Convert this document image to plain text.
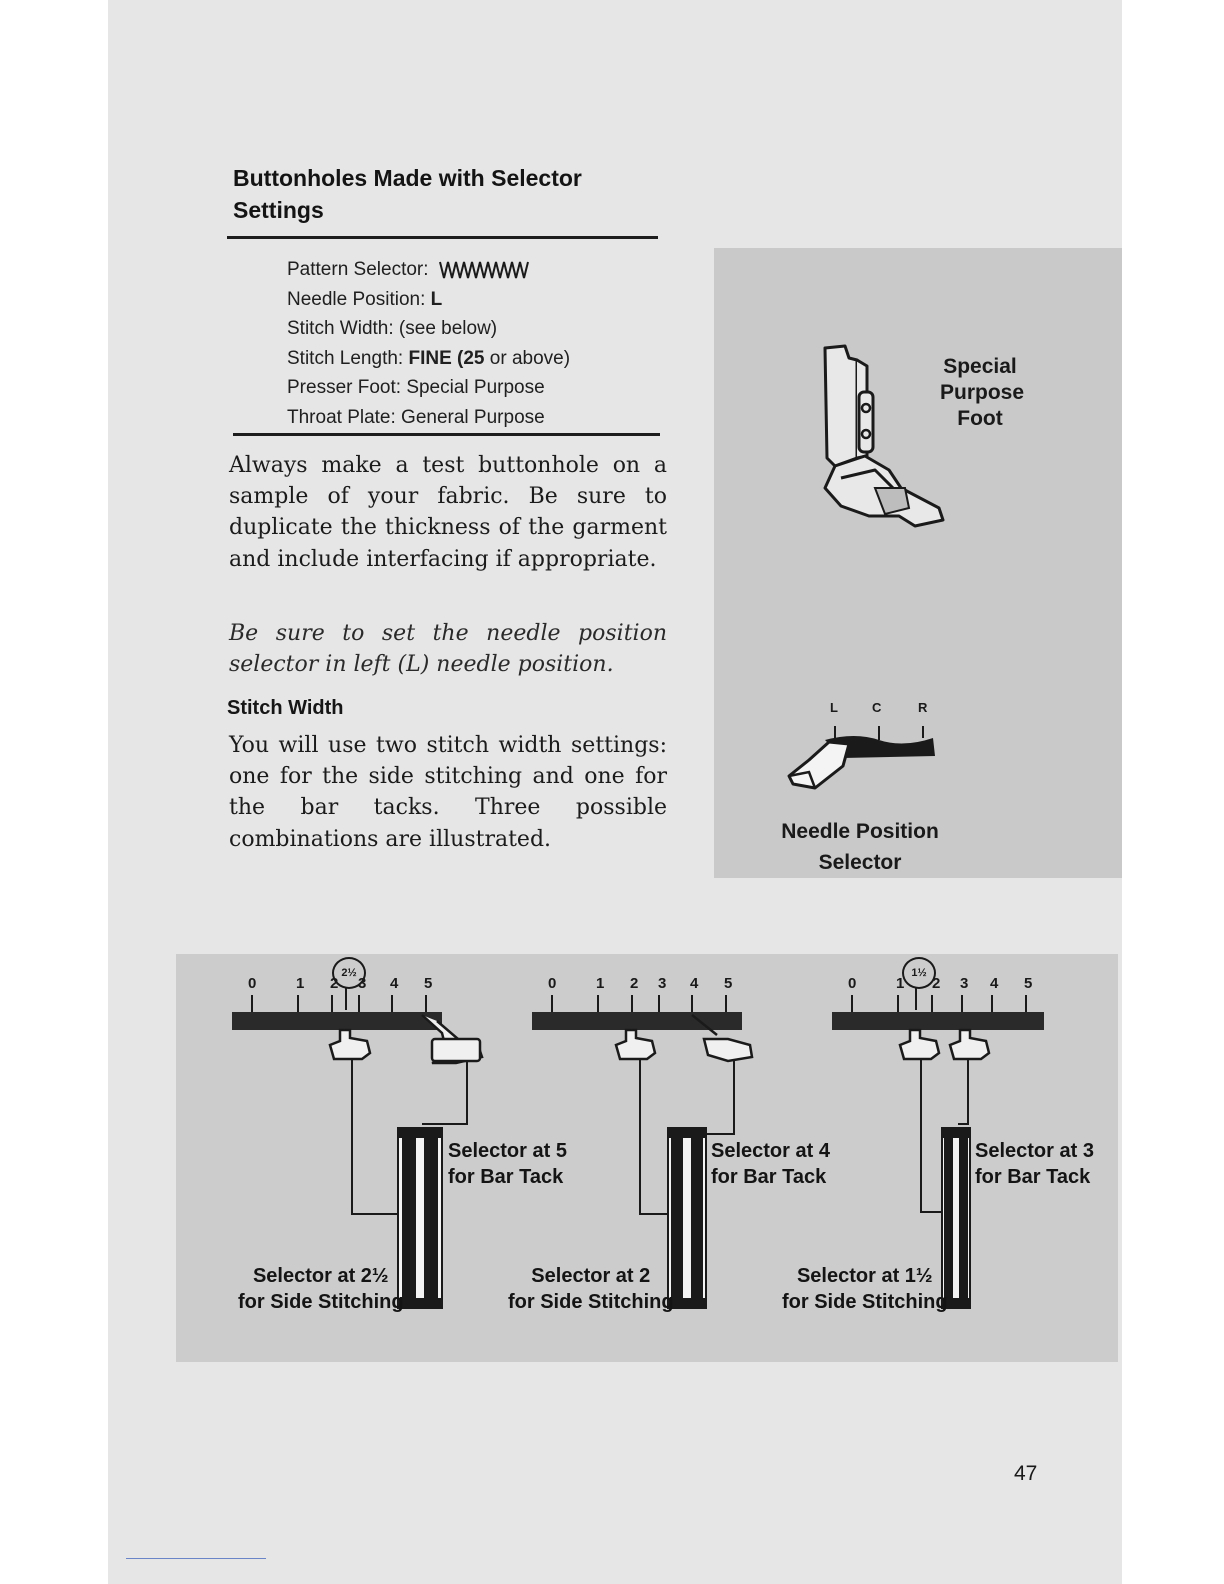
Buttonholes Made with Selector
Settings
Pattern Selector:
Needle Position: L
Stitch Width: (see below)
Stitch Length: FINE (25 or above)
Presser Foot: Special Purpose
Throat Plate: General Purpose
Always make a test buttonhole on a sample of your fabric. Be sure to duplicate the thickness of the garment and include interfacing if appropriate.
Be sure to set the needle position selector in left (L) needle position.
Stitch Width
You will use two stitch width settings: one for the side stitching and one for the bar tacks. Three possible combinations are illustrated.
Special
Purpose
Foot
L	C	R
Needle Position
Selector
2½	1½
0	1 2 3 4 5	0	1 2 3 4 5	0	1 2 3 4 5
Selector at 5
for Bar Tack
Selector at 2½
for Side Stitching
Selector at 4
for Bar Tack
Selector at 2
for Side Stitching
Selector at 3
for Bar Tack
Selector at 1½
for Side Stitching
47
